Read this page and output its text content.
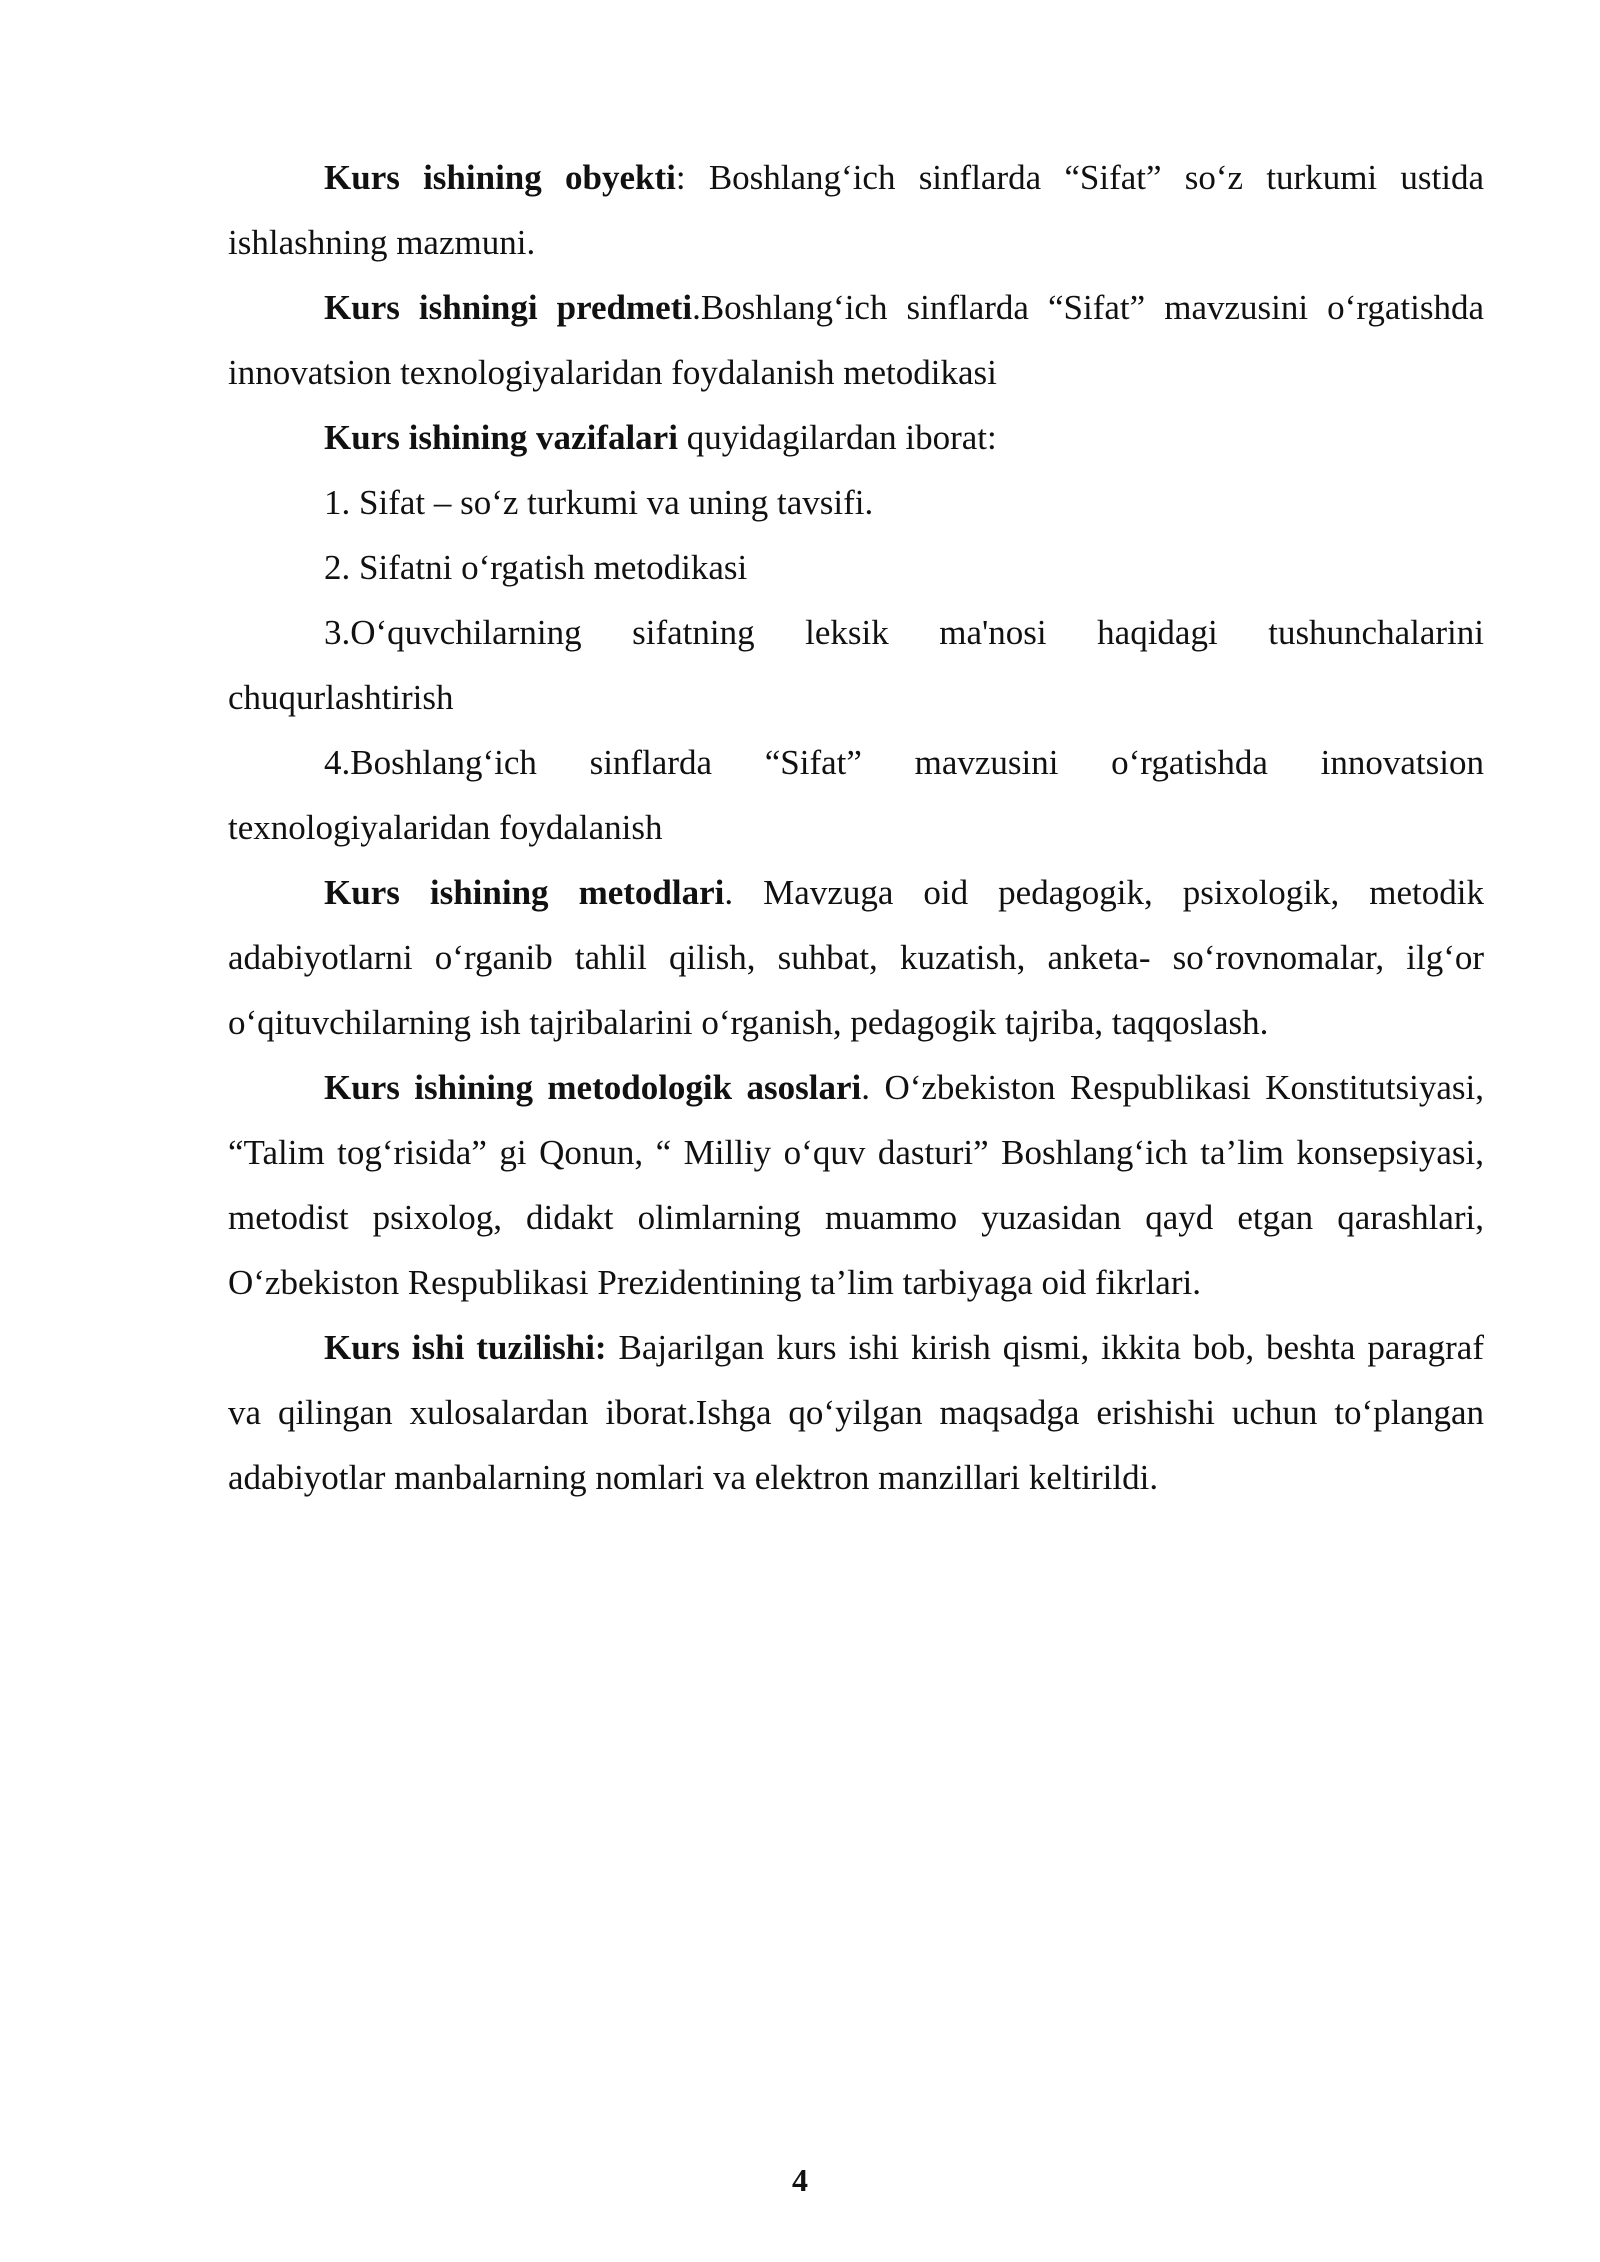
Kurs ishining obyekti: Boshlang‘ich sinflarda “Sifat” so‘z turkumi ustida ishlashning mazmuni.

Kurs ishningi predmeti.Boshlang‘ich sinflarda “Sifat” mavzusini o‘rgatishda innovatsion texnologiyalaridan foydalanish metodikasi

Kurs ishining vazifalari quyidagilardan iborat:

1. Sifat – so‘z turkumi va uning tavsifi.

2. Sifatni o‘rgatish metodikasi

3.O‘quvchilarning sifatning leksik ma'nosi haqidagi tushunchalarini chuqurlashtirish

4.Boshlang‘ich sinflarda “Sifat” mavzusini o‘rgatishda innovatsion texnologiyalaridan foydalanish

Kurs ishining metodlari. Mavzuga oid pedagogik, psixologik, metodik adabiyotlarni o‘rganib tahlil qilish, suhbat, kuzatish, anketa- so‘rovnomalar, ilg‘or o‘qituvchilarning ish tajribalarini o‘rganish, pedagogik tajriba, taqqoslash.

Kurs ishining metodologik asoslari. O‘zbekiston Respublikasi Konstitutsiyasi, “Talim tog‘risida” gi Qonun, “ Milliy o‘quv dasturi” Boshlang‘ich ta’lim konsepsiyasi, metodist psixolog, didakt olimlarning muammo yuzasidan qayd etgan qarashlari, O‘zbekiston Respublikasi Prezidentining ta’lim tarbiyaga oid fikrlari.

Kurs ishi tuzilishi: Bajarilgan kurs ishi kirish qismi, ikkita bob, beshta paragraf va qilingan xulosalardan iborat.Ishga qo‘yilgan maqsadga erishishi uchun to‘plangan adabiyotlar manbalarning nomlari va elektron manzillari keltirildi.

4
